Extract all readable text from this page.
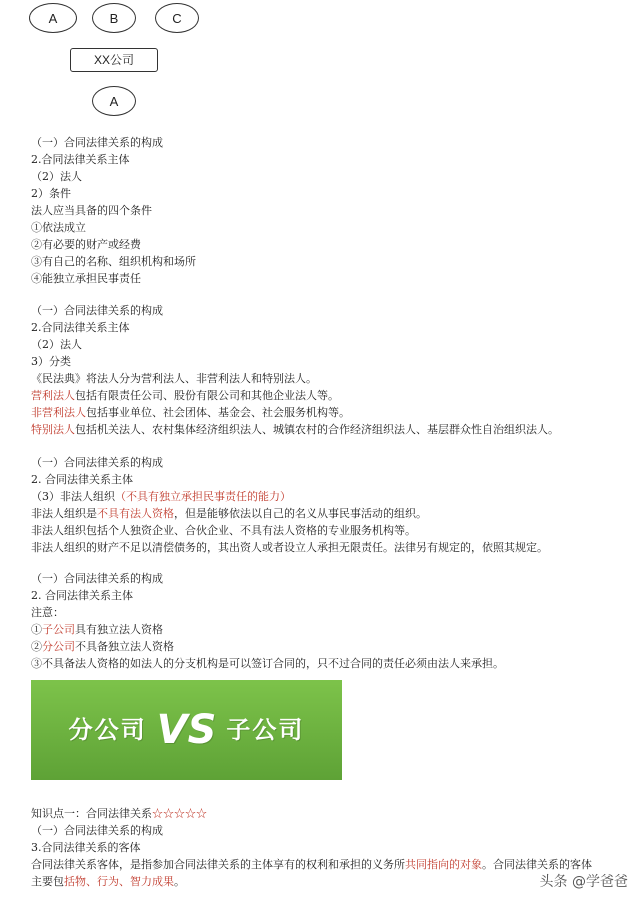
A	B	C
XX公司
A
（一）合同法律关系的构成
2.合同法律关系主体
（2）法人
2）条件
法人应当具备的四个条件
①依法成立
②有必要的财产或经费
③有自己的名称、组织机构和场所
④能独立承担民事责任
（一）合同法律关系的构成
2.合同法律关系主体
（2）法人
3）分类
《民法典》将法人分为营利法人、非营利法人和特别法人。
营利法人包括有限责任公司、股份有限公司和其他企业法人等。
非营利法人包括事业单位、社会团体、基金会、社会服务机构等。
特别法人包括机关法人、农村集体经济组织法人、城镇农村的合作经济组织法人、基层群众性自治组织法人。
（一）合同法律关系的构成
2. 合同法律关系主体
（3）非法人组织（不具有独立承担民事责任的能力）
非法人组织是不具有法人资格，但是能够依法以自己的名义从事民事活动的组织。
非法人组织包括个人独资企业、合伙企业、不具有法人资格的专业服务机构等。
非法人组织的财产不足以清偿债务的，其出资人或者设立人承担无限责任。法律另有规定的，依照其规定。
（一）合同法律关系的构成
2. 合同法律关系主体
注意：
①子公司具有独立法人资格
②分公司不具备独立法人资格
③不具备法人资格的如法人的分支机构是可以签订合同的，只不过合同的责任必须由法人来承担。
分公司 VS 子公司
知识点一：合同法律关系☆☆☆☆☆
（一）合同法律关系的构成
3.合同法律关系的客体
合同法律关系客体，是指参加合同法律关系的主体享有的权利和承担的义务所共同指向的对象。合同法律关系的客体
主要包括物、行为、智力成果。	头条 @学爸爸
